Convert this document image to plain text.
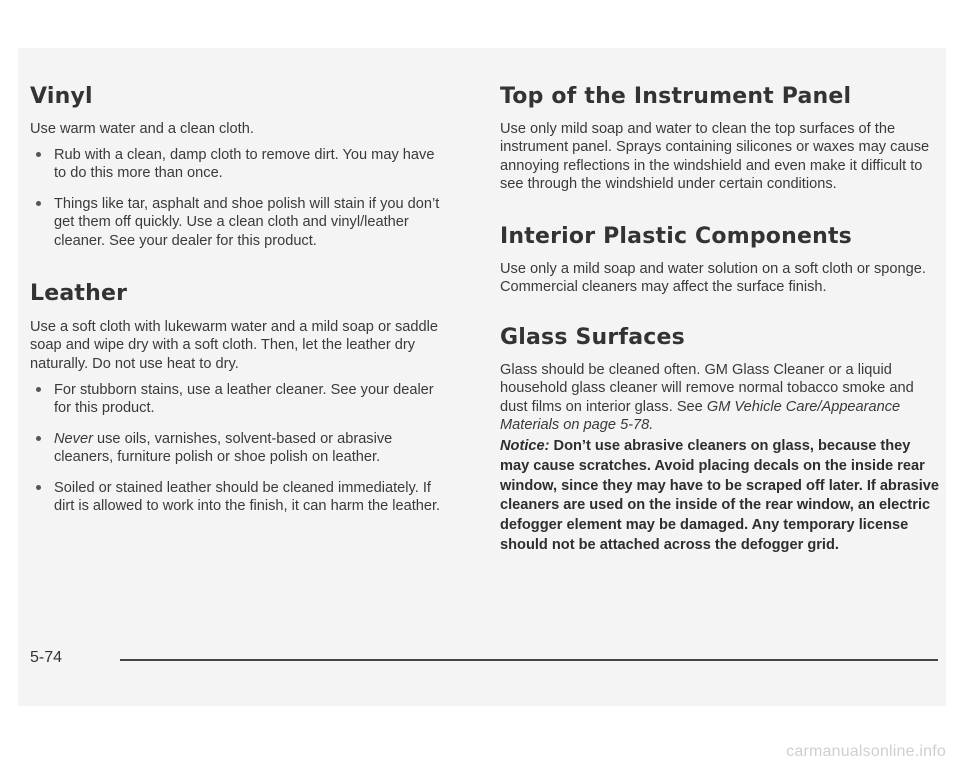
Vinyl

Use warm water and a clean cloth.

Rub with a clean, damp cloth to remove dirt. You may have to do this more than once.
Things like tar, asphalt and shoe polish will stain if you don’t get them off quickly. Use a clean cloth and vinyl/leather cleaner. See your dealer for this product.
Leather

Use a soft cloth with lukewarm water and a mild soap or saddle soap and wipe dry with a soft cloth. Then, let the leather dry naturally. Do not use heat to dry.

For stubborn stains, use a leather cleaner. See your dealer for this product.
Never use oils, varnishes, solvent-based or abrasive cleaners, furniture polish or shoe polish on leather.
Soiled or stained leather should be cleaned immediately. If dirt is allowed to work into the finish, it can harm the leather.
Top of the Instrument Panel

Use only mild soap and water to clean the top surfaces of the instrument panel. Sprays containing silicones or waxes may cause annoying reflections in the windshield and even make it difficult to see through the windshield under certain conditions.

Interior Plastic Components

Use only a mild soap and water solution on a soft cloth or sponge. Commercial cleaners may affect the surface finish.

Glass Surfaces

Glass should be cleaned often. GM Glass Cleaner or a liquid household glass cleaner will remove normal tobacco smoke and dust films on interior glass. See GM Vehicle Care/Appearance Materials on page 5-78.

Notice: Don’t use abrasive cleaners on glass, because they may cause scratches. Avoid placing decals on the inside rear window, since they may have to be scraped off later. If abrasive cleaners are used on the inside of the rear window, an electric defogger element may be damaged. Any temporary license should not be attached across the defogger grid.

5-74
carmanualsonline.info
